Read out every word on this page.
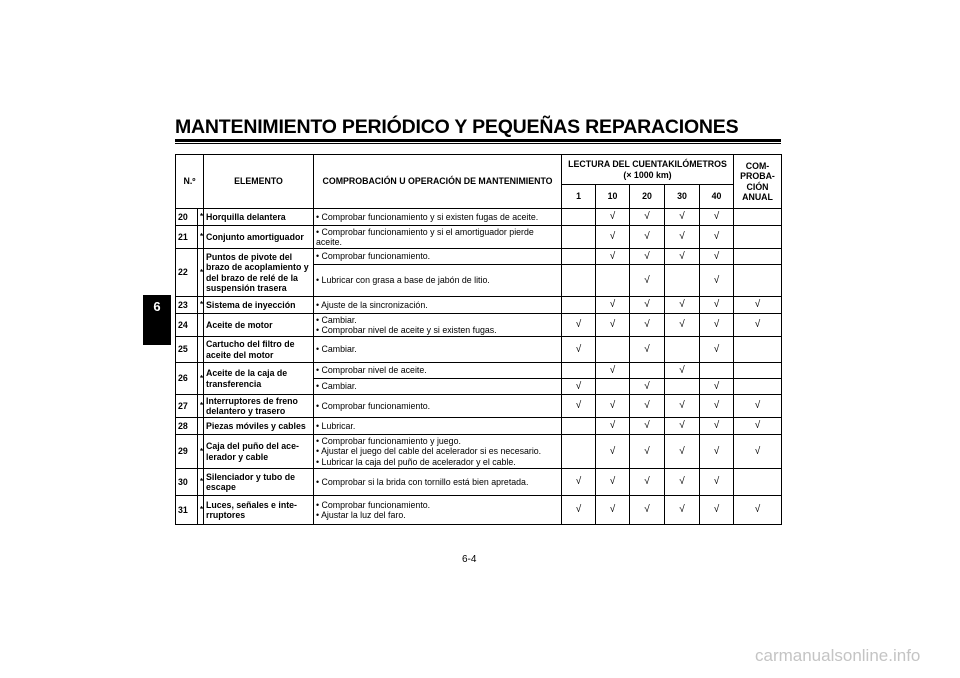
MANTENIMIENTO PERIÓDICO Y PEQUEÑAS REPARACIONES
6
N.º		ELEMENTO	COMPROBACIÓN U OPERACIÓN DE MANTENIMIENTO	LECTURA DEL CUENTAKILÓMETROS
(× 1000 km)					COM-
PROBA-
CIÓN
ANUAL
				1	10	20	30	40	
20	*	Horquilla delantera	• Comprobar funcionamiento y si existen fugas de aceite.		√	√	√	√	
21	*	Conjunto amortiguador	• Comprobar funcionamiento y si el amortiguador pierde aceite.		√	√	√	√	
22	*	Puntos de pivote del brazo de acoplamiento y del brazo de relé de la suspensión trasera	• Comprobar funcionamiento.		√	√	√	√	

			• Lubricar con grasa a base de jabón de litio.			√		√	
23	*	Sistema de inyección	• Ajuste de la sincronización.		√	√	√	√	√
24		Aceite de motor	• Cambiar.
• Comprobar nivel de aceite y si existen fugas.	√	√	√	√	√	√
25		Cartucho del filtro de aceite del motor	• Cambiar.	√		√		√	
26	*	Aceite de la caja de transferencia	• Comprobar nivel de aceite.		√		√		

			• Cambiar.	√		√		√	
27	*	Interruptores de freno delantero y trasero	• Comprobar funcionamiento.	√	√	√	√	√	√
28		Piezas móviles y cables	• Lubricar.		√	√	√	√	√
29	*	Caja del puño del ace-lerador y cable	• Comprobar funcionamiento y juego.
• Ajustar el juego del cable del acelerador si es necesario.
• Lubricar la caja del puño de acelerador y el cable.		√	√	√	√	√
30	*	Silenciador y tubo de escape	• Comprobar si la brida con tornillo está bien apretada.	√	√	√	√	√	
31	*	Luces, señales e inte-rruptores	• Comprobar funcionamiento.
• Ajustar la luz del faro.	√	√	√	√	√	√
6-4
carmanualsonline.info
